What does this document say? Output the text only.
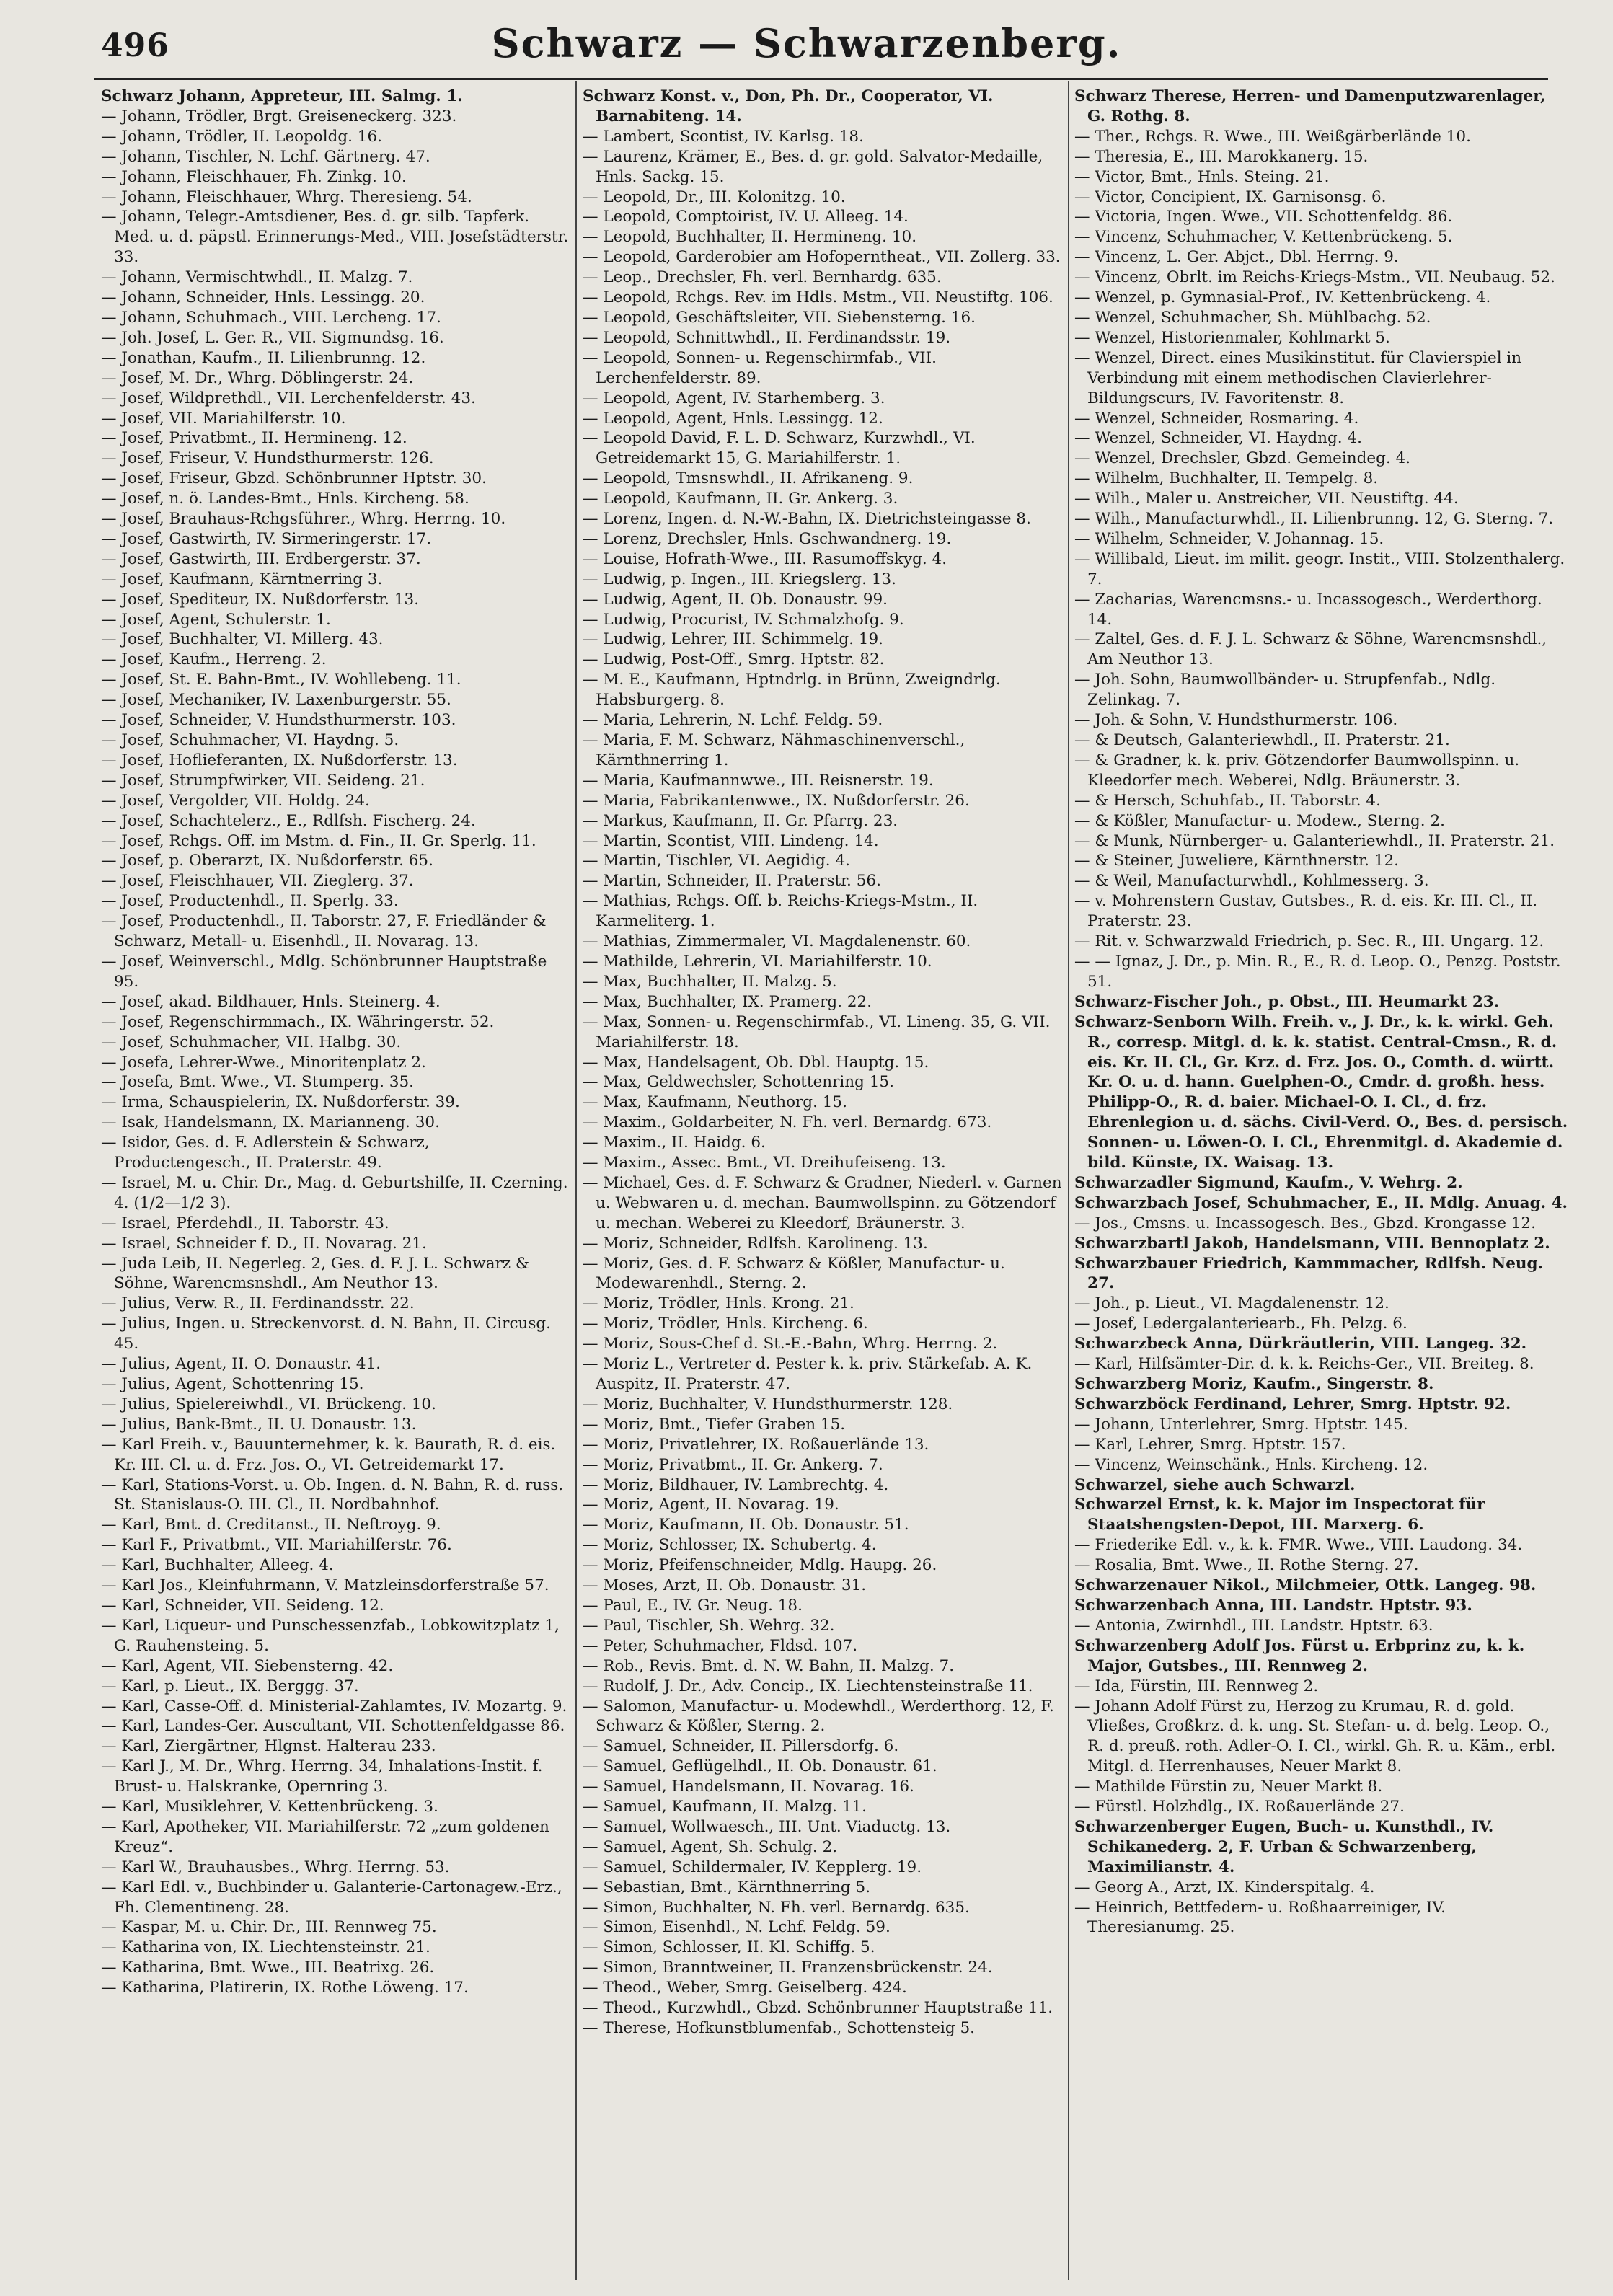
496	Schwarz — Schwarzenberg.

Schwarz Johann, Appreteur, III. Salmg. 1.

— Johann, Trödler, Brgt. Greiseneckerg. 323.

— Johann, Trödler, II. Leopoldg. 16.

— Johann, Tischler, N. Lchf. Gärtnerg. 47.

— Johann, Fleischhauer, Fh. Zinkg. 10.

— Johann, Fleischhauer, Whrg. Theresieng. 54.

— Johann, Telegr.-Amtsdiener, Bes. d. gr. silb. Tapferk. Med. u. d. päpstl. Erinnerungs-Med., VIII. Josefstädterstr. 33.

— Johann, Vermischtwhdl., II. Malzg. 7.

— Johann, Schneider, Hnls. Lessingg. 20.

— Johann, Schuhmach., VIII. Lercheng. 17.

— Joh. Josef, L. Ger. R., VII. Sigmundsg. 16.

— Jonathan, Kaufm., II. Lilienbrunng. 12.

— Josef, M. Dr., Whrg. Döblingerstr. 24.

— Josef, Wildprethdl., VII. Lerchenfelderstr. 43.

— Josef, VII. Mariahilferstr. 10.

— Josef, Privatbmt., II. Hermineng. 12.

— Josef, Friseur, V. Hundsthurmerstr. 126.

— Josef, Friseur, Gbzd. Schönbrunner Hptstr. 30.

— Josef, n. ö. Landes-Bmt., Hnls. Kircheng. 58.

— Josef, Brauhaus-Rchgsführer., Whrg. Herrng. 10.

— Josef, Gastwirth, IV. Sirmeringerstr. 17.

— Josef, Gastwirth, III. Erdbergerstr. 37.

— Josef, Kaufmann, Kärntnerring 3.

— Josef, Spediteur, IX. Nußdorferstr. 13.

— Josef, Agent, Schulerstr. 1.

— Josef, Buchhalter, VI. Millerg. 43.

— Josef, Kaufm., Herreng. 2.

— Josef, St. E. Bahn-Bmt., IV. Wohllebeng. 11.

— Josef, Mechaniker, IV. Laxenburgerstr. 55.

— Josef, Schneider, V. Hundsthurmerstr. 103.

— Josef, Schuhmacher, VI. Haydng. 5.

— Josef, Hoflieferanten, IX. Nußdorferstr. 13.

— Josef, Strumpfwirker, VII. Seideng. 21.

— Josef, Vergolder, VII. Holdg. 24.

— Josef, Schachtelerz., E., Rdlfsh. Fischerg. 24.

— Josef, Rchgs. Off. im Mstm. d. Fin., II. Gr. Sperlg. 11.

— Josef, p. Oberarzt, IX. Nußdorferstr. 65.

— Josef, Fleischhauer, VII. Zieglerg. 37.

— Josef, Productenhdl., II. Sperlg. 33.

— Josef, Productenhdl., II. Taborstr. 27, F. Friedländer & Schwarz, Metall- u. Eisenhdl., II. Novarag. 13.

— Josef, Weinverschl., Mdlg. Schönbrunner Hauptstraße 95.

— Josef, akad. Bildhauer, Hnls. Steinerg. 4.

— Josef, Regenschirmmach., IX. Währingerstr. 52.

— Josef, Schuhmacher, VII. Halbg. 30.

— Josefa, Lehrer-Wwe., Minoritenplatz 2.

— Josefa, Bmt. Wwe., VI. Stumperg. 35.

— Irma, Schauspielerin, IX. Nußdorferstr. 39.

— Isak, Handelsmann, IX. Marianneng. 30.

— Isidor, Ges. d. F. Adlerstein & Schwarz, Productengesch., II. Praterstr. 49.

— Israel, M. u. Chir. Dr., Mag. d. Geburtshilfe, II. Czerning. 4. (1/2—1/2 3).

— Israel, Pferdehdl., II. Taborstr. 43.

— Israel, Schneider f. D., II. Novarag. 21.

— Juda Leib, II. Negerleg. 2, Ges. d. F. J. L. Schwarz & Söhne, Warencmsnshdl., Am Neuthor 13.

— Julius, Verw. R., II. Ferdinandsstr. 22.

— Julius, Ingen. u. Streckenvorst. d. N. Bahn, II. Circusg. 45.

— Julius, Agent, II. O. Donaustr. 41.

— Julius, Agent, Schottenring 15.

— Julius, Spielereiwhdl., VI. Brückeng. 10.

— Julius, Bank-Bmt., II. U. Donaustr. 13.

— Karl Freih. v., Bauunternehmer, k. k. Baurath, R. d. eis. Kr. III. Cl. u. d. Frz. Jos. O., VI. Getreidemarkt 17.

— Karl, Stations-Vorst. u. Ob. Ingen. d. N. Bahn, R. d. russ. St. Stanislaus-O. III. Cl., II. Nordbahnhof.

— Karl, Bmt. d. Creditanst., II. Neftroyg. 9.

— Karl F., Privatbmt., VII. Mariahilferstr. 76.

— Karl, Buchhalter, Alleeg. 4.

— Karl Jos., Kleinfuhrmann, V. Matzleinsdorferstraße 57.

— Karl, Schneider, VII. Seideng. 12.

— Karl, Liqueur- und Punschessenzfab., Lobkowitzplatz 1, G. Rauhensteing. 5.

— Karl, Agent, VII. Siebensterng. 42.

— Karl, p. Lieut., IX. Berggg. 37.

— Karl, Casse-Off. d. Ministerial-Zahlamtes, IV. Mozartg. 9.

— Karl, Landes-Ger. Auscultant, VII. Schottenfeldgasse 86.

— Karl, Ziergärtner, Hlgnst. Halterau 233.

— Karl J., M. Dr., Whrg. Herrng. 34, Inhalations-Instit. f. Brust- u. Halskranke, Opernring 3.

— Karl, Musiklehrer, V. Kettenbrückeng. 3.

— Karl, Apotheker, VII. Mariahilferstr. 72 „zum goldenen Kreuz“.

— Karl W., Brauhausbes., Whrg. Herrng. 53.

— Karl Edl. v., Buchbinder u. Galanterie-Cartonagew.-Erz., Fh. Clementineng. 28.

— Kaspar, M. u. Chir. Dr., III. Rennweg 75.

— Katharina von, IX. Liechtensteinstr. 21.

— Katharina, Bmt. Wwe., III. Beatrixg. 26.

— Katharina, Platirerin, IX. Rothe Löweng. 17.

Schwarz Konst. v., Don, Ph. Dr., Cooperator, VI. Barnabiteng. 14.

— Lambert, Scontist, IV. Karlsg. 18.

— Laurenz, Krämer, E., Bes. d. gr. gold. Salvator-Medaille, Hnls. Sackg. 15.

— Leopold, Dr., III. Kolonitzg. 10.

— Leopold, Comptoirist, IV. U. Alleeg. 14.

— Leopold, Buchhalter, II. Hermineng. 10.

— Leopold, Garderobier am Hofoperntheat., VII. Zollerg. 33.

— Leop., Drechsler, Fh. verl. Bernhardg. 635.

— Leopold, Rchgs. Rev. im Hdls. Mstm., VII. Neustiftg. 106.

— Leopold, Geschäftsleiter, VII. Siebensterng. 16.

— Leopold, Schnittwhdl., II. Ferdinandsstr. 19.

— Leopold, Sonnen- u. Regenschirmfab., VII. Lerchenfelderstr. 89.

— Leopold, Agent, IV. Starhemberg. 3.

— Leopold, Agent, Hnls. Lessingg. 12.

— Leopold David, F. L. D. Schwarz, Kurzwhdl., VI. Getreidemarkt 15, G. Mariahilferstr. 1.

— Leopold, Tmsnswhdl., II. Afrikaneng. 9.

— Leopold, Kaufmann, II. Gr. Ankerg. 3.

— Lorenz, Ingen. d. N.-W.-Bahn, IX. Dietrichsteingasse 8.

— Lorenz, Drechsler, Hnls. Gschwandnerg. 19.

— Louise, Hofrath-Wwe., III. Rasumoffskyg. 4.

— Ludwig, p. Ingen., III. Kriegslerg. 13.

— Ludwig, Agent, II. Ob. Donaustr. 99.

— Ludwig, Procurist, IV. Schmalzhofg. 9.

— Ludwig, Lehrer, III. Schimmelg. 19.

— Ludwig, Post-Off., Smrg. Hptstr. 82.

— M. E., Kaufmann, Hptndrlg. in Brünn, Zweigndrlg. Habsburgerg. 8.

— Maria, Lehrerin, N. Lchf. Feldg. 59.

— Maria, F. M. Schwarz, Nähmaschinenverschl., Kärnthnerring 1.

— Maria, Kaufmannwwe., III. Reisnerstr. 19.

— Maria, Fabrikantenwwe., IX. Nußdorferstr. 26.

— Markus, Kaufmann, II. Gr. Pfarrg. 23.

— Martin, Scontist, VIII. Lindeng. 14.

— Martin, Tischler, VI. Aegidig. 4.

— Martin, Schneider, II. Praterstr. 56.

— Mathias, Rchgs. Off. b. Reichs-Kriegs-Mstm., II. Karmeliterg. 1.

— Mathias, Zimmermaler, VI. Magdalenenstr. 60.

— Mathilde, Lehrerin, VI. Mariahilferstr. 10.

— Max, Buchhalter, II. Malzg. 5.

— Max, Buchhalter, IX. Pramerg. 22.

— Max, Sonnen- u. Regenschirmfab., VI. Lineng. 35, G. VII. Mariahilferstr. 18.

— Max, Handelsagent, Ob. Dbl. Hauptg. 15.

— Max, Geldwechsler, Schottenring 15.

— Max, Kaufmann, Neuthorg. 15.

— Maxim., Goldarbeiter, N. Fh. verl. Bernardg. 673.

— Maxim., II. Haidg. 6.

— Maxim., Assec. Bmt., VI. Dreihufeiseng. 13.

— Michael, Ges. d. F. Schwarz & Gradner, Niederl. v. Garnen u. Webwaren u. d. mechan. Baumwollspinn. zu Götzendorf u. mechan. Weberei zu Kleedorf, Bräunerstr. 3.

— Moriz, Schneider, Rdlfsh. Karolineng. 13.

— Moriz, Ges. d. F. Schwarz & Kößler, Manufactur- u. Modewarenhdl., Sterng. 2.

— Moriz, Trödler, Hnls. Krong. 21.

— Moriz, Trödler, Hnls. Kircheng. 6.

— Moriz, Sous-Chef d. St.-E.-Bahn, Whrg. Herrng. 2.

— Moriz L., Vertreter d. Pester k. k. priv. Stärkefab. A. K. Auspitz, II. Praterstr. 47.

— Moriz, Buchhalter, V. Hundsthurmerstr. 128.

— Moriz, Bmt., Tiefer Graben 15.

— Moriz, Privatlehrer, IX. Roßauerlände 13.

— Moriz, Privatbmt., II. Gr. Ankerg. 7.

— Moriz, Bildhauer, IV. Lambrechtg. 4.

— Moriz, Agent, II. Novarag. 19.

— Moriz, Kaufmann, II. Ob. Donaustr. 51.

— Moriz, Schlosser, IX. Schubertg. 4.

— Moriz, Pfeifenschneider, Mdlg. Haupg. 26.

— Moses, Arzt, II. Ob. Donaustr. 31.

— Paul, E., IV. Gr. Neug. 18.

— Paul, Tischler, Sh. Wehrg. 32.

— Peter, Schuhmacher, Fldsd. 107.

— Rob., Revis. Bmt. d. N. W. Bahn, II. Malzg. 7.

— Rudolf, J. Dr., Adv. Concip., IX. Liechtensteinstraße 11.

— Salomon, Manufactur- u. Modewhdl., Werderthorg. 12, F. Schwarz & Kößler, Sterng. 2.

— Samuel, Schneider, II. Pillersdorfg. 6.

— Samuel, Geflügelhdl., II. Ob. Donaustr. 61.

— Samuel, Handelsmann, II. Novarag. 16.

— Samuel, Kaufmann, II. Malzg. 11.

— Samuel, Wollwaesch., III. Unt. Viaductg. 13.

— Samuel, Agent, Sh. Schulg. 2.

— Samuel, Schildermaler, IV. Kepplerg. 19.

— Sebastian, Bmt., Kärnthnerring 5.

— Simon, Buchhalter, N. Fh. verl. Bernardg. 635.

— Simon, Eisenhdl., N. Lchf. Feldg. 59.

— Simon, Schlosser, II. Kl. Schiffg. 5.

— Simon, Branntweiner, II. Franzensbrückenstr. 24.

— Theod., Weber, Smrg. Geiselberg. 424.

— Theod., Kurzwhdl., Gbzd. Schönbrunner Hauptstraße 11.

— Therese, Hofkunstblumenfab., Schottensteig 5.

Schwarz Therese, Herren- und Damenputzwarenlager, G. Rothg. 8.

— Ther., Rchgs. R. Wwe., III. Weißgärberlände 10.

— Theresia, E., III. Marokkanerg. 15.

— Victor, Bmt., Hnls. Steing. 21.

— Victor, Concipient, IX. Garnisonsg. 6.

— Victoria, Ingen. Wwe., VII. Schottenfeldg. 86.

— Vincenz, Schuhmacher, V. Kettenbrückeng. 5.

— Vincenz, L. Ger. Abjct., Dbl. Herrng. 9.

— Vincenz, Obrlt. im Reichs-Kriegs-Mstm., VII. Neubaug. 52.

— Wenzel, p. Gymnasial-Prof., IV. Kettenbrückeng. 4.

— Wenzel, Schuhmacher, Sh. Mühlbachg. 52.

— Wenzel, Historienmaler, Kohlmarkt 5.

— Wenzel, Direct. eines Musikinstitut. für Clavierspiel in Verbindung mit einem methodischen Clavierlehrer-Bildungscurs, IV. Favoritenstr. 8.

— Wenzel, Schneider, Rosmaring. 4.

— Wenzel, Schneider, VI. Haydng. 4.

— Wenzel, Drechsler, Gbzd. Gemeindeg. 4.

— Wilhelm, Buchhalter, II. Tempelg. 8.

— Wilh., Maler u. Anstreicher, VII. Neustiftg. 44.

— Wilh., Manufacturwhdl., II. Lilienbrunng. 12, G. Sterng. 7.

— Wilhelm, Schneider, V. Johannag. 15.

— Willibald, Lieut. im milit. geogr. Instit., VIII. Stolzenthalerg. 7.

— Zacharias, Warencmsns.- u. Incassogesch., Werderthorg. 14.

— Zaltel, Ges. d. F. J. L. Schwarz & Söhne, Warencmsnshdl., Am Neuthor 13.

— Joh. Sohn, Baumwollbänder- u. Strupfenfab., Ndlg. Zelinkag. 7.

— Joh. & Sohn, V. Hundsthurmerstr. 106.

— & Deutsch, Galanteriewhdl., II. Praterstr. 21.

— & Gradner, k. k. priv. Götzendorfer Baumwollspinn. u. Kleedorfer mech. Weberei, Ndlg. Bräunerstr. 3.

— & Hersch, Schuhfab., II. Taborstr. 4.

— & Kößler, Manufactur- u. Modew., Sterng. 2.

— & Munk, Nürnberger- u. Galanteriewhdl., II. Praterstr. 21.

— & Steiner, Juweliere, Kärnthnerstr. 12.

— & Weil, Manufacturwhdl., Kohlmesserg. 3.

— v. Mohrenstern Gustav, Gutsbes., R. d. eis. Kr. III. Cl., II. Praterstr. 23.

— Rit. v. Schwarzwald Friedrich, p. Sec. R., III. Ungarg. 12.

— — Ignaz, J. Dr., p. Min. R., E., R. d. Leop. O., Penzg. Poststr. 51.

Schwarz-Fischer Joh., p. Obst., III. Heumarkt 23.

Schwarz-Senborn Wilh. Freih. v., J. Dr., k. k. wirkl. Geh. R., corresp. Mitgl. d. k. k. statist. Central-Cmsn., R. d. eis. Kr. II. Cl., Gr. Krz. d. Frz. Jos. O., Comth. d. württ. Kr. O. u. d. hann. Guelphen-O., Cmdr. d. großh. hess. Philipp-O., R. d. baier. Michael-O. I. Cl., d. frz. Ehrenlegion u. d. sächs. Civil-Verd. O., Bes. d. persisch. Sonnen- u. Löwen-O. I. Cl., Ehrenmitgl. d. Akademie d. bild. Künste, IX. Waisag. 13.

Schwarzadler Sigmund, Kaufm., V. Wehrg. 2.

Schwarzbach Josef, Schuhmacher, E., II. Mdlg. Anuag. 4.

— Jos., Cmsns. u. Incassogesch. Bes., Gbzd. Krongasse 12.

Schwarzbartl Jakob, Handelsmann, VIII. Bennoplatz 2.

Schwarzbauer Friedrich, Kammmacher, Rdlfsh. Neug. 27.

— Joh., p. Lieut., VI. Magdalenenstr. 12.

— Josef, Ledergalanteriearb., Fh. Pelzg. 6.

Schwarzbeck Anna, Dürkräutlerin, VIII. Langeg. 32.

— Karl, Hilfsämter-Dir. d. k. k. Reichs-Ger., VII. Breiteg. 8.

Schwarzberg Moriz, Kaufm., Singerstr. 8.

Schwarzböck Ferdinand, Lehrer, Smrg. Hptstr. 92.

— Johann, Unterlehrer, Smrg. Hptstr. 145.

— Karl, Lehrer, Smrg. Hptstr. 157.

— Vincenz, Weinschänk., Hnls. Kircheng. 12.

Schwarzel, siehe auch Schwarzl.

Schwarzel Ernst, k. k. Major im Inspectorat für Staatshengsten-Depot, III. Marxerg. 6.

— Friederike Edl. v., k. k. FMR. Wwe., VIII. Laudong. 34.

— Rosalia, Bmt. Wwe., II. Rothe Sterng. 27.

Schwarzenauer Nikol., Milchmeier, Ottk. Langeg. 98.

Schwarzenbach Anna, III. Landstr. Hptstr. 93.

— Antonia, Zwirnhdl., III. Landstr. Hptstr. 63.

Schwarzenberg Adolf Jos. Fürst u. Erbprinz zu, k. k. Major, Gutsbes., III. Rennweg 2.

— Ida, Fürstin, III. Rennweg 2.

— Johann Adolf Fürst zu, Herzog zu Krumau, R. d. gold. Vließes, Großkrz. d. k. ung. St. Stefan- u. d. belg. Leop. O., R. d. preuß. roth. Adler-O. I. Cl., wirkl. Gh. R. u. Käm., erbl. Mitgl. d. Herrenhauses, Neuer Markt 8.

— Mathilde Fürstin zu, Neuer Markt 8.

— Fürstl. Holzhdlg., IX. Roßauerlände 27.

Schwarzenberger Eugen, Buch- u. Kunsthdl., IV. Schikanederg. 2, F. Urban & Schwarzenberg, Maximilianstr. 4.

— Georg A., Arzt, IX. Kinderspitalg. 4.

— Heinrich, Bettfedern- u. Roßhaarreiniger, IV. Theresianumg. 25.
